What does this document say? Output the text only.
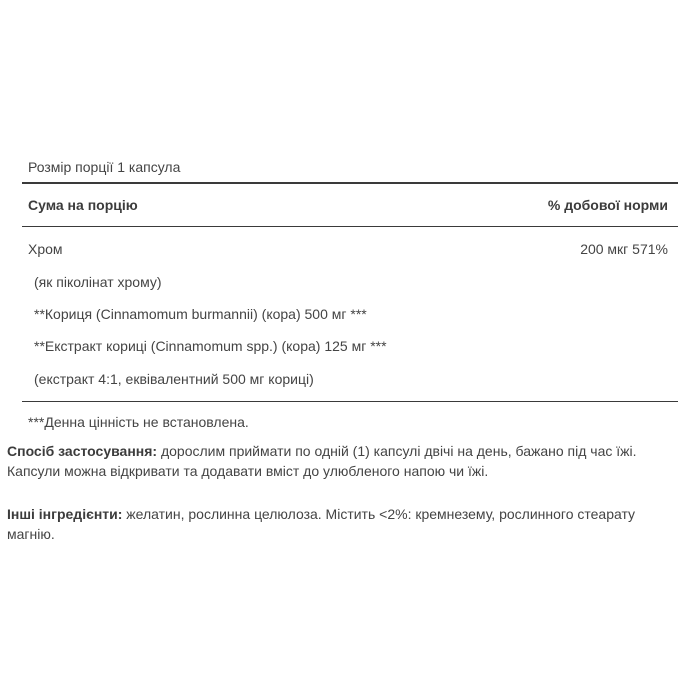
Розмір порції 1 капсула
Сума на порцію	% добової норми
Хром	200 мкг 571%
(як піколінат хрому)
**Кориця (Cinnamomum burmannii) (кора) 500 мг ***
**Екстракт кориці (Cinnamomum spp.) (кора) 125 мг ***
(екстракт 4:1, еквівалентний 500 мг кориці)
***Денна цінність не встановлена.
Спосіб застосування: дорослим приймати по одній (1) капсулі двічі на день, бажано під час їжі. Капсули можна відкривати та додавати вміст до улюбленого напою чи їжі.
Інші інгредієнти: желатин, рослинна целюлоза. Містить <2%: кремнезему, рослинного стеарату магнію.
